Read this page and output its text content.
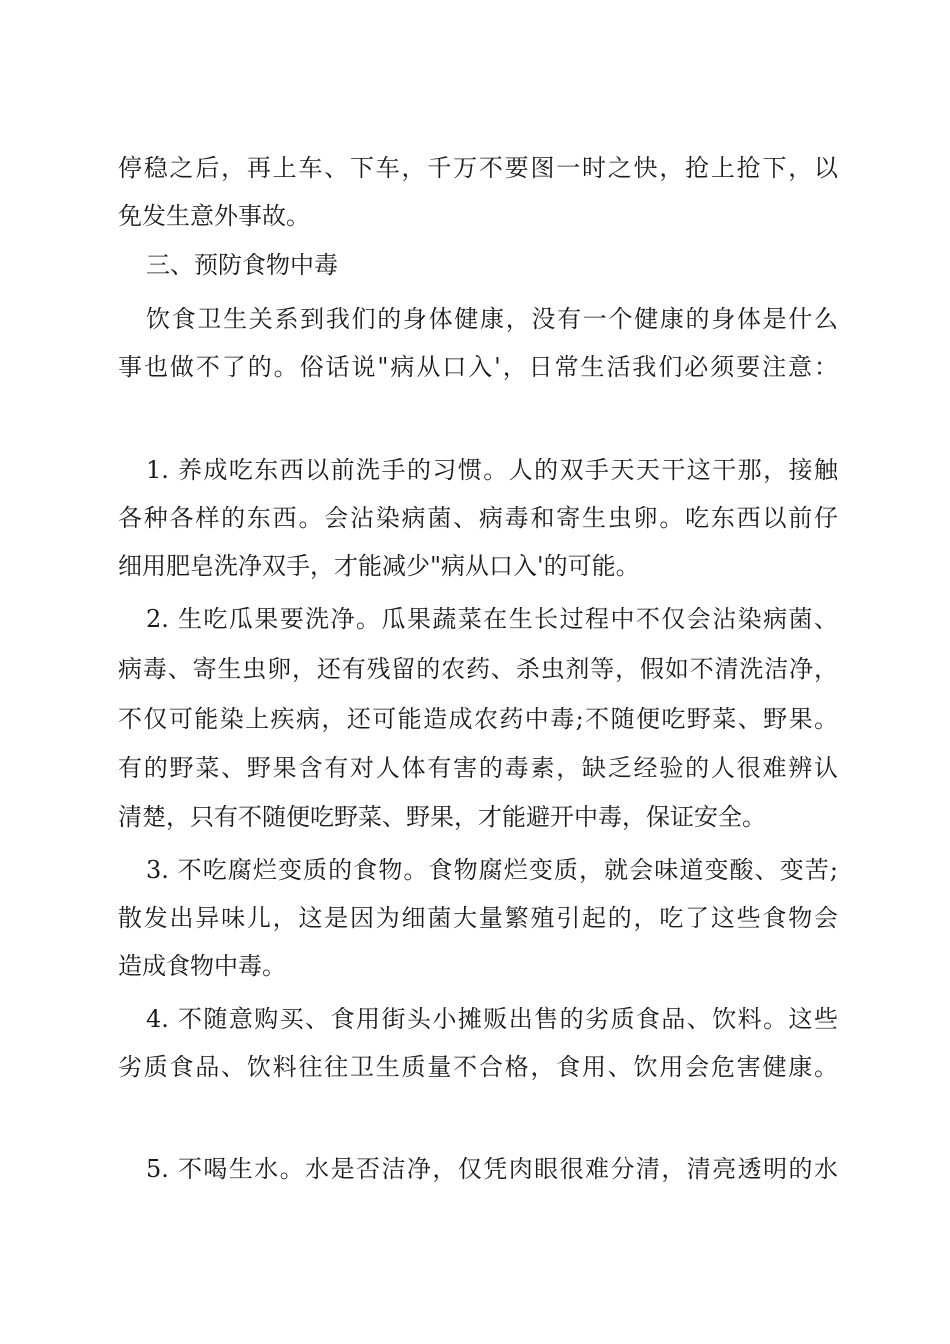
停稳之后，再上车、下车，千万不要图一时之快，抢上抢下，以
免发生意外事故。
三、预防食物中毒
饮食卫生关系到我们的身体健康，没有一个健康的身体是什么
事也做不了的。俗话说"病从口入'，日常生活我们必须要注意：
1. 养成吃东西以前洗手的习惯。人的双手天天干这干那，接触
各种各样的东西。会沾染病菌、病毒和寄生虫卵。吃东西以前仔
细用肥皂洗净双手，才能减少"病从口入'的可能。
2. 生吃瓜果要洗净。瓜果蔬菜在生长过程中不仅会沾染病菌、
病毒、寄生虫卵，还有残留的农药、杀虫剂等，假如不清洗洁净，
不仅可能染上疾病，还可能造成农药中毒;不随便吃野菜、野果。
有的野菜、野果含有对人体有害的毒素，缺乏经验的人很难辨认
清楚，只有不随便吃野菜、野果，才能避开中毒，保证安全。
3. 不吃腐烂变质的食物。食物腐烂变质，就会味道变酸、变苦;
散发出异味儿，这是因为细菌大量繁殖引起的，吃了这些食物会
造成食物中毒。
4. 不随意购买、食用街头小摊贩出售的劣质食品、饮料。这些
劣质食品、饮料往往卫生质量不合格，食用、饮用会危害健康。
5. 不喝生水。水是否洁净，仅凭肉眼很难分清，清亮透明的水
